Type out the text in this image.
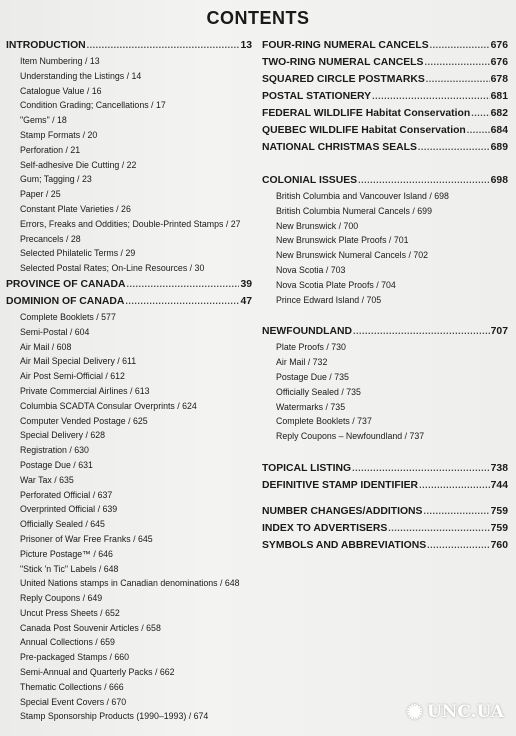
CONTENTS
INTRODUCTION .....	13
Item Numbering / 13
Understanding the Listings / 14
Catalogue Value / 16
Condition Grading; Cancellations / 17
"Gems" / 18
Stamp Formats / 20
Perforation / 21
Self-adhesive Die Cutting / 22
Gum; Tagging / 23
Paper / 25
Constant Plate Varieties / 26
Errors, Freaks and Oddities; Double-Printed Stamps / 27
Precancels / 28
Selected Philatelic Terms / 29
Selected Postal Rates; On-Line Resources / 30
PROVINCE OF CANADA .....	39
DOMINION OF CANADA .....	47
Complete Booklets / 577
Semi-Postal / 604
Air Mail / 608
Air Mail Special Delivery / 611
Air Post Semi-Official / 612
Private Commercial Airlines / 613
Columbia SCADTA Consular Overprints / 624
Computer Vended Postage / 625
Special Delivery / 628
Registration / 630
Postage Due / 631
War Tax / 635
Perforated Official / 637
Overprinted Official / 639
Officially Sealed / 645
Prisoner of War Free Franks / 645
Picture Postage™ / 646
"Stick 'n Tic" Labels / 648
United Nations stamps in Canadian denominations / 648
Reply Coupons / 649
Uncut Press Sheets / 652
Canada Post Souvenir Articles / 658
Annual Collections / 659
Pre-packaged Stamps / 660
Semi-Annual and Quarterly Packs / 662
Thematic Collections / 666
Special Event Covers / 670
Stamp Sponsorship Products (1990–1993) / 674
FOUR-RING NUMERAL CANCELS .....	676
TWO-RING NUMERAL CANCELS .....	676
SQUARED CIRCLE POSTMARKS .....	678
POSTAL STATIONERY .....	681
FEDERAL WILDLIFE Habitat Conservation ..... 682
QUEBEC WILDLIFE Habitat Conservation ..... 684
NATIONAL CHRISTMAS SEALS .....	689
COLONIAL ISSUES .....	698
British Columbia and Vancouver Island / 698
British Columbia Numeral Cancels / 699
New Brunswick / 700
New Brunswick Plate Proofs / 701
New Brunswick Numeral Cancels / 702
Nova Scotia / 703
Nova Scotia Plate Proofs / 704
Prince Edward Island / 705
NEWFOUNDLAND .....	707
Plate Proofs / 730
Air Mail / 732
Postage Due / 735
Officially Sealed / 735
Watermarks / 735
Complete Booklets / 737
Reply Coupons – Newfoundland / 737
TOPICAL LISTING .....	738
DEFINITIVE STAMP IDENTIFIER .....	744
NUMBER CHANGES/ADDITIONS .....	759
INDEX TO ADVERTISERS .....	759
SYMBOLS AND ABBREVIATIONS .....	760
✺ UNC.UA
